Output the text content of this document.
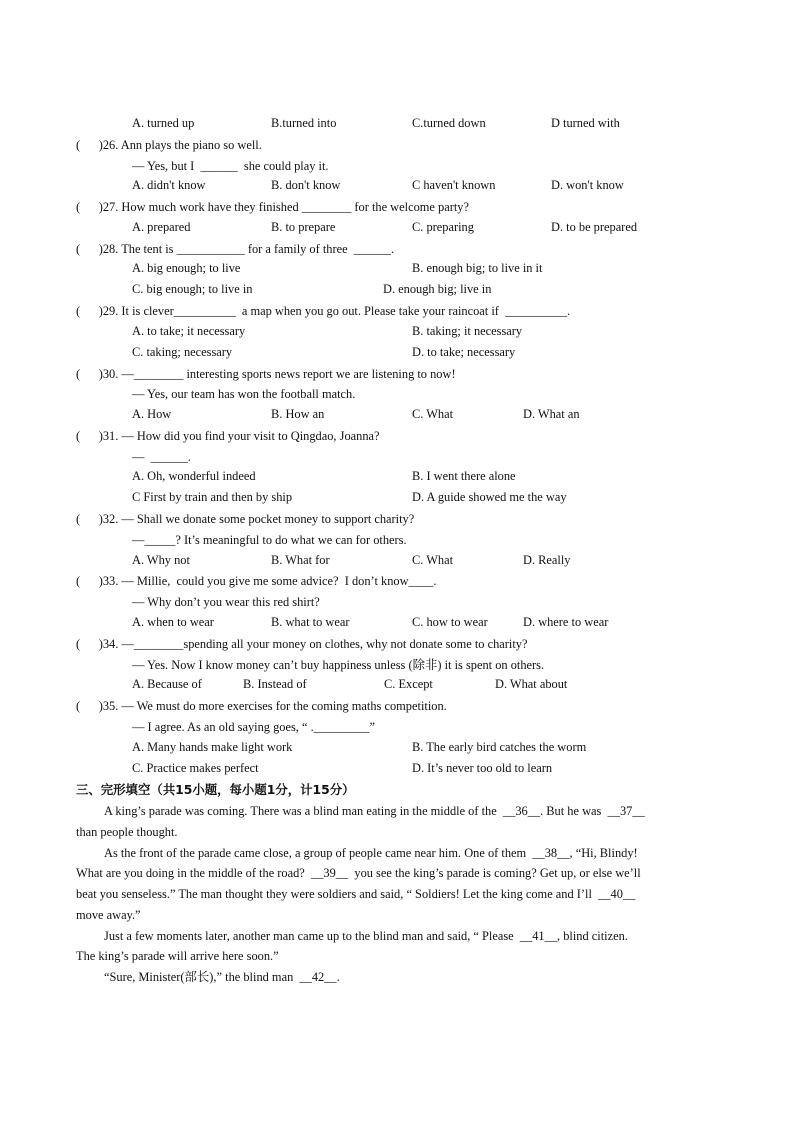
A. turned up	B.turned into	C.turned down	D turned with
(      )26. Ann plays the piano so well.
— Yes, but I  ______  she could play it.
A. didn't know	B. don't know	C haven't known	D. won't know
(      )27. How much work have they finished ________ for the welcome party?
A. prepared	B. to prepare	C. preparing	D. to be prepared
(      )28. The tent is ___________ for a family of three  ______.
A. big enough; to live	B. enough big; to live in it
C. big enough; to live in	D. enough big; live in
(      )29. It is clever__________  a map when you go out. Please take your raincoat if  __________.
A. to take; it necessary	B. taking; it necessary
C. taking; necessary	D. to take; necessary
(      )30. —________ interesting sports news report we are listening to now!
— Yes, our team has won the football match.
A. How	B. How an	C. What	D. What an
(      )31. — How did you find your visit to Qingdao, Joanna?
—  ______.
A. Oh, wonderful indeed	B. I went there alone
C First by train and then by ship	D. A guide showed me the way
(      )32. — Shall we donate some pocket money to support charity?
—_____? It’s meaningful to do what we can for others.
A. Why not	B. What for	C. What	D. Really
(      )33. — Millie,  could you give me some advice?  I don’t know____.
— Why don’t you wear this red shirt?
A. when to wear	B. what to wear	C. how to wear	D. where to wear
(      )34. —________spending all your money on clothes, why not donate some to charity?
— Yes. Now I know money can’t buy happiness unless (除非) it is spent on others.
A. Because of	B. Instead of	C. Except	D. What about
(      )35. — We must do more exercises for the coming maths competition.
— I agree. As an old saying goes, “ ._________”
A. Many hands make light work	B. The early bird catches the worm
C. Practice makes perfect	D. It’s never too old to learn
三、完形填空（共15小题，每小题1分，计15分）
A king’s parade was coming. There was a blind man eating in the middle of the  __36__. But he was  __37__
than people thought.
As the front of the parade came close, a group of people came near him. One of them  __38__, “Hi, Blindy!
What are you doing in the middle of the road?  __39__  you see the king’s parade is coming? Get up, or else we’ll
beat you senseless.” The man thought they were soldiers and said, “ Soldiers! Let the king come and I’ll  __40__
move away.”
Just a few moments later, another man came up to the blind man and said, “ Please  __41__, blind citizen.
The king’s parade will arrive here soon.”
“Sure, Minister(部长),” the blind man  __42__.
